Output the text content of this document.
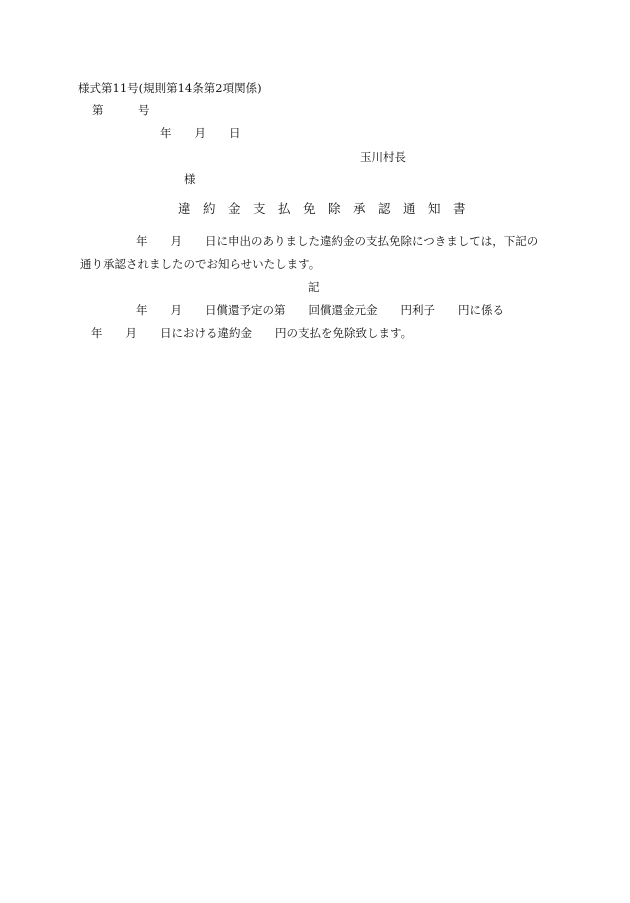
様式第11号(規則第14条第2項関係)
第　　　号
年　　月　　日
玉川村長
様
違　約　金　支　払　免　除　承　認　通　知　書
年　　月　　日に申出のありました違約金の支払免除につきましては，下記の
通り承認されましたのでお知らせいたします。
記
年　　月　　日償還予定の第　　回償還金元金　　円利子　　円に係る
年　　月　　日における違約金　　円の支払を免除致します。
